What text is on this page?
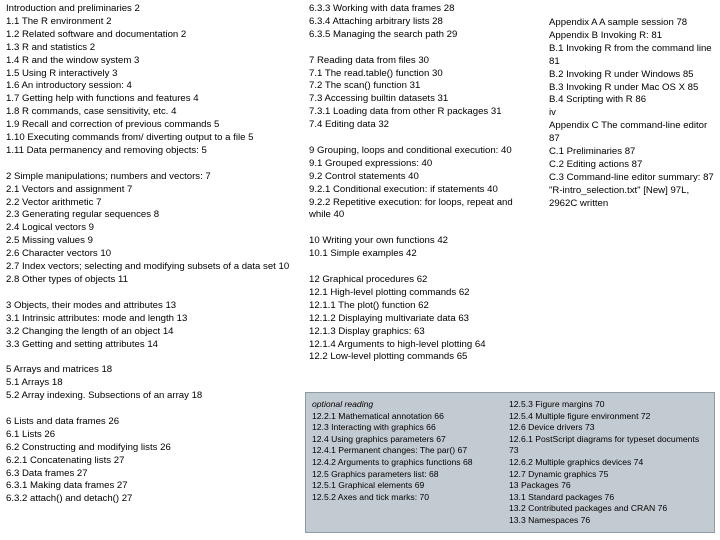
Introduction and preliminaries 2
1.1 The R environment 2
1.2 Related software and documentation 2
1.3 R and statistics 2
1.4 R and the window system 3
1.5 Using R interactively 3
1.6 An introductory session: 4
1.7 Getting help with functions and features 4
1.8 R commands, case sensitivity, etc. 4
1.9 Recall and correction of previous commands 5
1.10 Executing commands from/ diverting output to a file 5
1.11 Data permanency and removing objects: 5
2 Simple manipulations; numbers and vectors: 7
2.1 Vectors and assignment 7
2.2 Vector arithmetic 7
2.3 Generating regular sequences 8
2.4 Logical vectors 9
2.5 Missing values 9
2.6 Character vectors 10
2.7 Index vectors; selecting and modifying subsets of a data set 10
2.8 Other types of objects 11
3 Objects, their modes and attributes 13
3.1 Intrinsic attributes: mode and length 13
3.2 Changing the length of an object 14
3.3 Getting and setting attributes 14
5 Arrays and matrices 18
5.1 Arrays 18
5.2 Array indexing. Subsections of an array 18
6 Lists and data frames 26
6.1 Lists 26
6.2 Constructing and modifying lists 26
6.2.1 Concatenating lists 27
6.3 Data frames 27
6.3.1 Making data frames 27
6.3.2 attach() and detach() 27
6.3.3 Working with data frames 28
6.3.4 Attaching arbitrary lists 28
6.3.5 Managing the search path 29
7 Reading data from files 30
7.1 The read.table() function 30
7.2 The scan() function 31
7.3 Accessing builtin datasets 31
7.3.1 Loading data from other R packages 31
7.4 Editing data 32
9 Grouping, loops and conditional execution: 40
9.1 Grouped expressions: 40
9.2 Control statements 40
9.2.1 Conditional execution: if statements 40
9.2.2 Repetitive execution: for loops, repeat and while 40
10 Writing your own functions 42
10.1 Simple examples 42
12 Graphical procedures 62
12.1 High-level plotting commands 62
12.1.1 The plot() function 62
12.1.2 Displaying multivariate data 63
12.1.3 Display graphics: 63
12.1.4 Arguments to high-level plotting 64
12.2 Low-level plotting commands 65
Appendix A A sample session 78
Appendix B Invoking R: 81
B.1 Invoking R from the command line 81
B.2 Invoking R under Windows 85
B.3 Invoking R under Mac OS X 85
B.4 Scripting with R 86
iv
Appendix C The command-line editor 87
C.1 Preliminaries 87
C.2 Editing actions 87
C.3 Command-line editor summary: 87
"R-intro_selection.txt" [New] 97L, 2962C written
optional reading
12.2.1 Mathematical annotation 66
12.3 Interacting with graphics 66
12.4 Using graphics parameters 67
12.4.1 Permanent changes: The par() 67
12.4.2 Arguments to graphics functions 68
12.5 Graphics parameters list: 68
12.5.1 Graphical elements 69
12.5.2 Axes and tick marks: 70
12.5.3 Figure margins 70
12.5.4 Multiple figure environment 72
12.6 Device drivers 73
12.6.1 PostScript diagrams for typeset documents 73
12.6.2 Multiple graphics devices 74
12.7 Dynamic graphics 75
13 Packages 76
13.1 Standard packages 76
13.2 Contributed packages and CRAN 76
13.3 Namespaces 76
